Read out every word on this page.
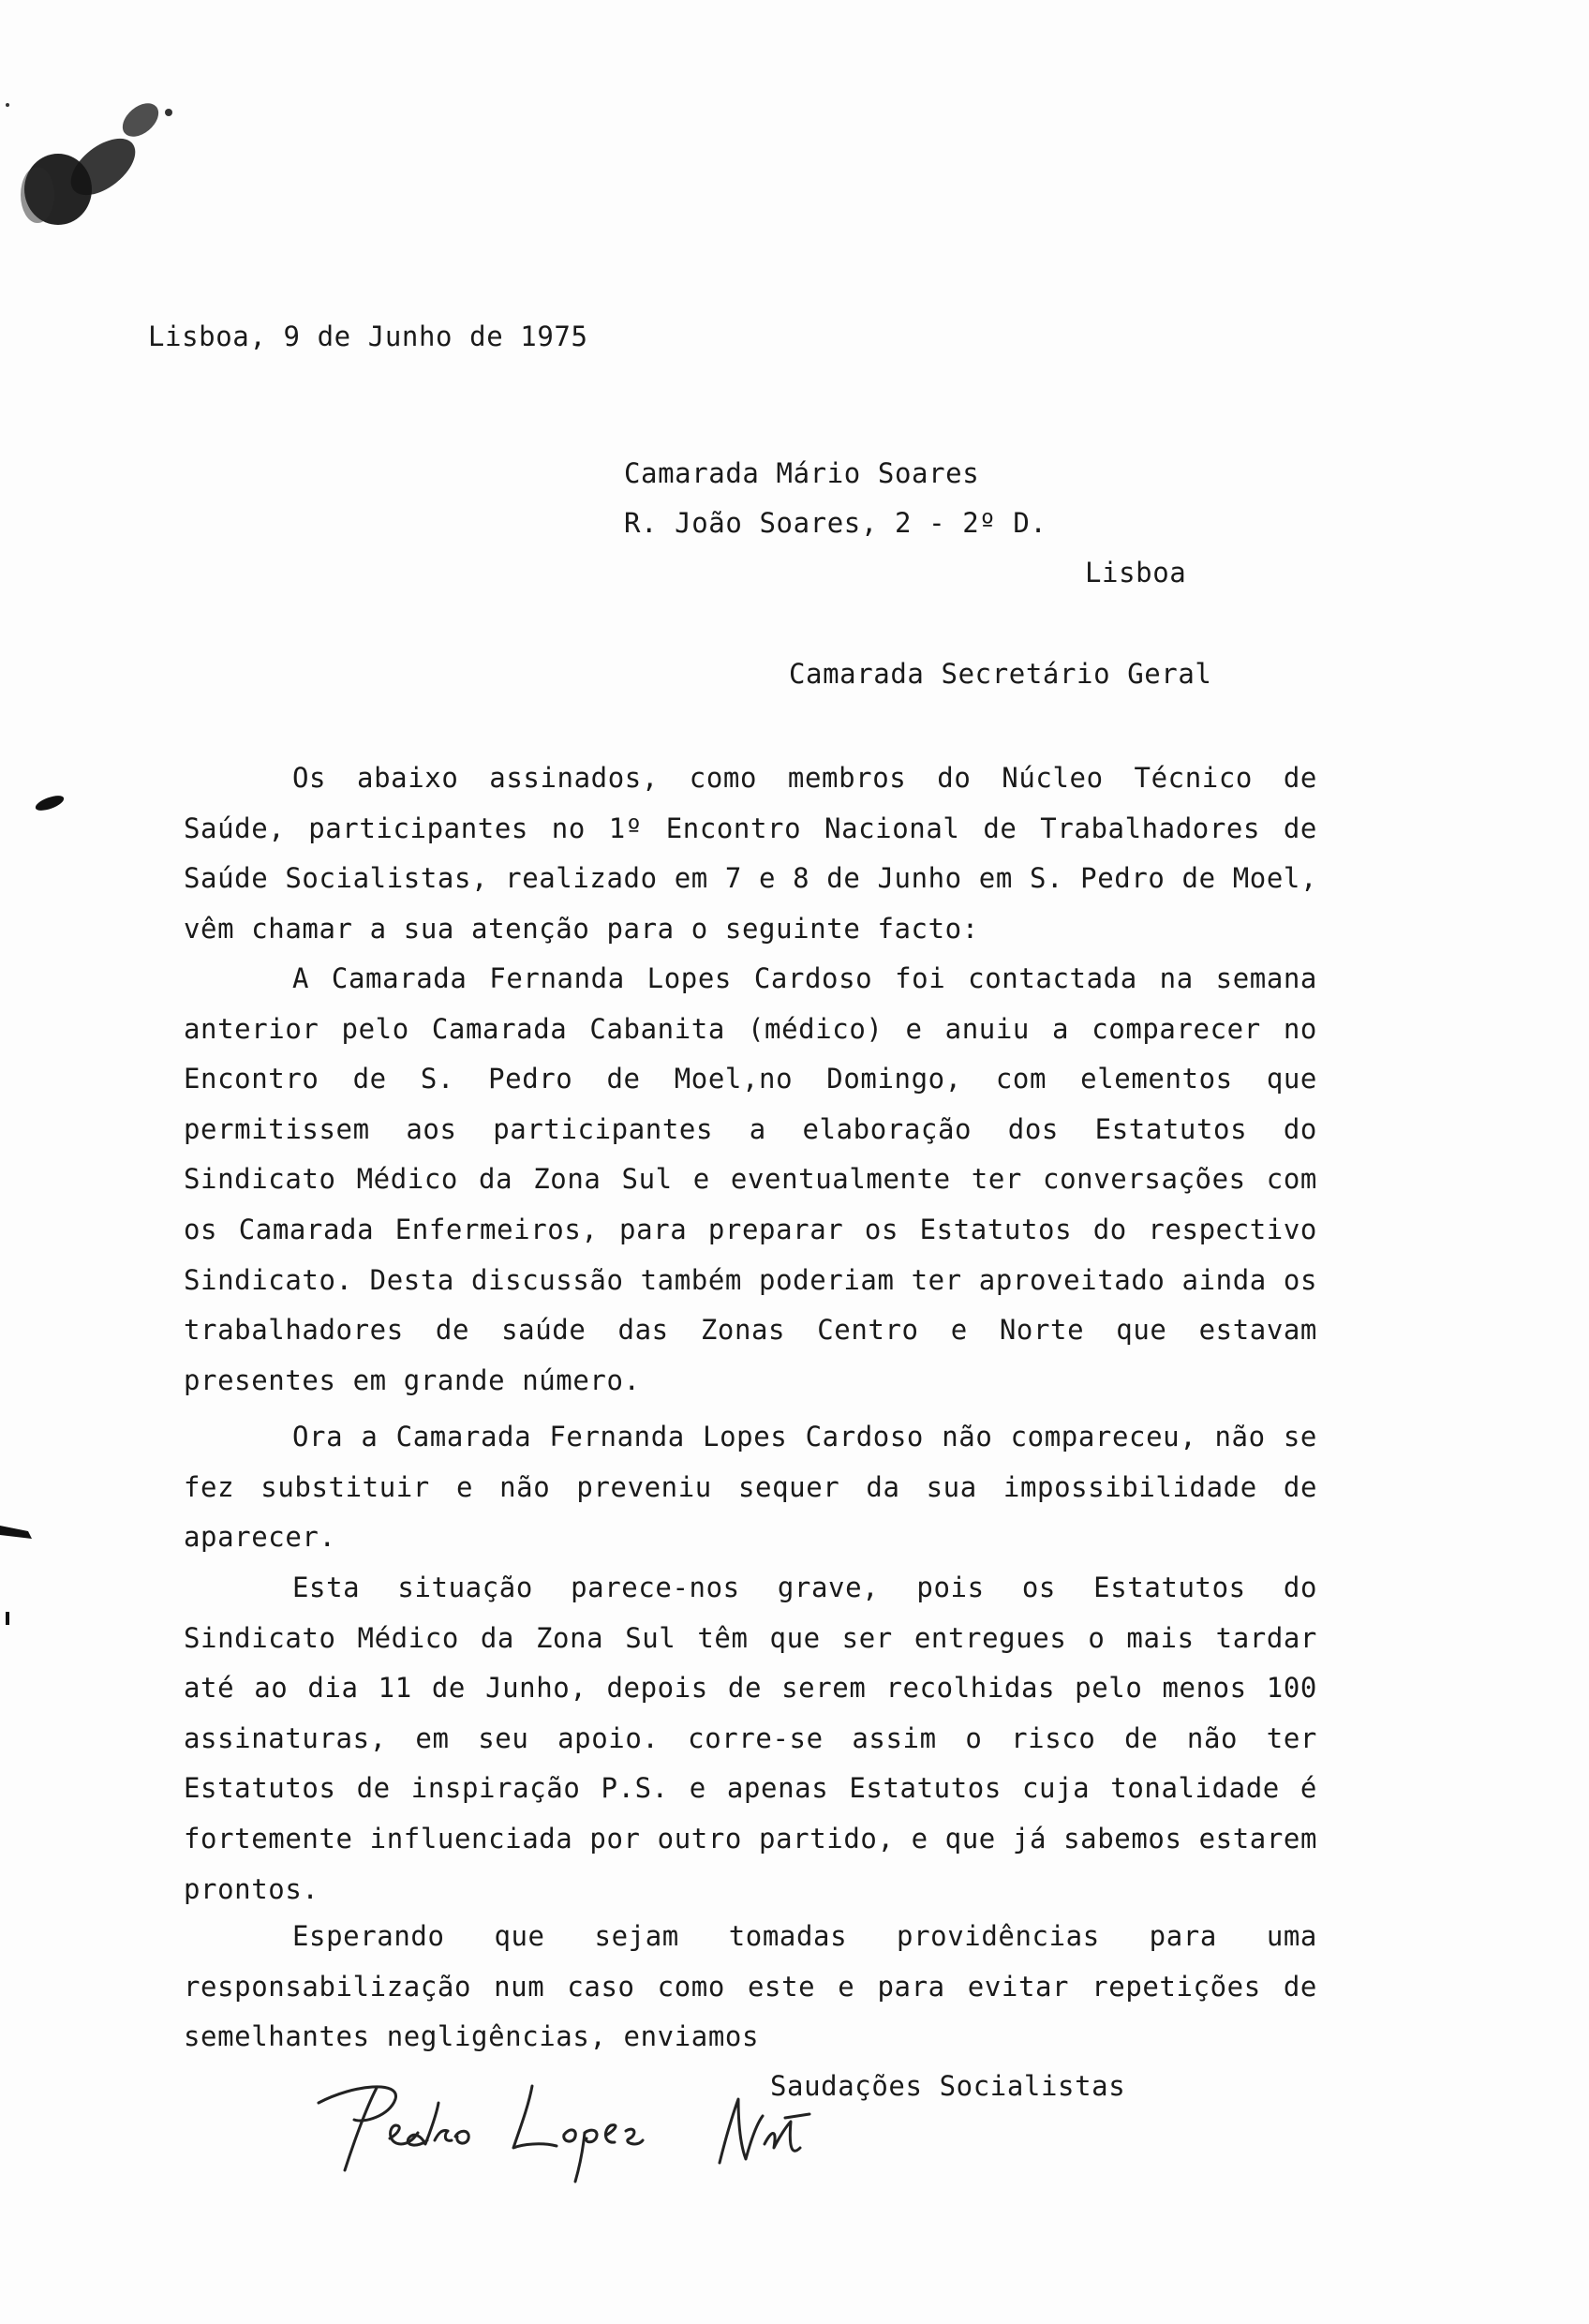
Lisboa, 9 de Junho de 1975
Camarada Mário Soares
R. João Soares, 2 - 2º D.
Lisboa
Camarada Secretário Geral

Os abaixo assinados, como membros do Núcleo Técnico de Saúde, participantes no 1º Encontro Nacional de Trabalhadores de Saúde Socialistas, realizado em 7 e 8 de Junho em S. Pedro de Moel, vêm chamar a sua atenção para o seguinte facto:

A Camarada Fernanda Lopes Cardoso foi contactada na semana anterior pelo Camarada Cabanita (médico) e anuiu a comparecer no Encontro de S. Pedro de Moel,no Domingo, com elementos que permitissem aos participantes a elaboração dos Estatutos do Sindicato Médico da Zona Sul e eventualmente ter conversações com os Camarada Enfermeiros, para preparar os Estatutos do respectivo Sindicato. Desta discussão também poderiam ter aproveitado ainda os trabalhadores de saúde das Zonas Centro e Norte que estavam presentes em grande número.

Ora a Camarada Fernanda Lopes Cardoso não compareceu, não se fez substituir e não preveniu sequer da sua impossibilidade de aparecer.

Esta situação parece-nos grave, pois os Estatutos do Sindicato Médico da Zona Sul têm que ser entregues o mais tardar até ao dia 11 de Junho, depois de serem recolhidas pelo menos 100 assinaturas, em seu apoio. corre-se assim o risco de não ter Estatutos de inspiração P.S. e apenas Estatutos cuja tonalidade é fortemente influenciada por outro partido, e que já sabemos estarem prontos.

Esperando que sejam tomadas providências para uma responsabilização num caso como este e para evitar repetições de semelhantes negligências, enviamos

Saudações Socialistas
